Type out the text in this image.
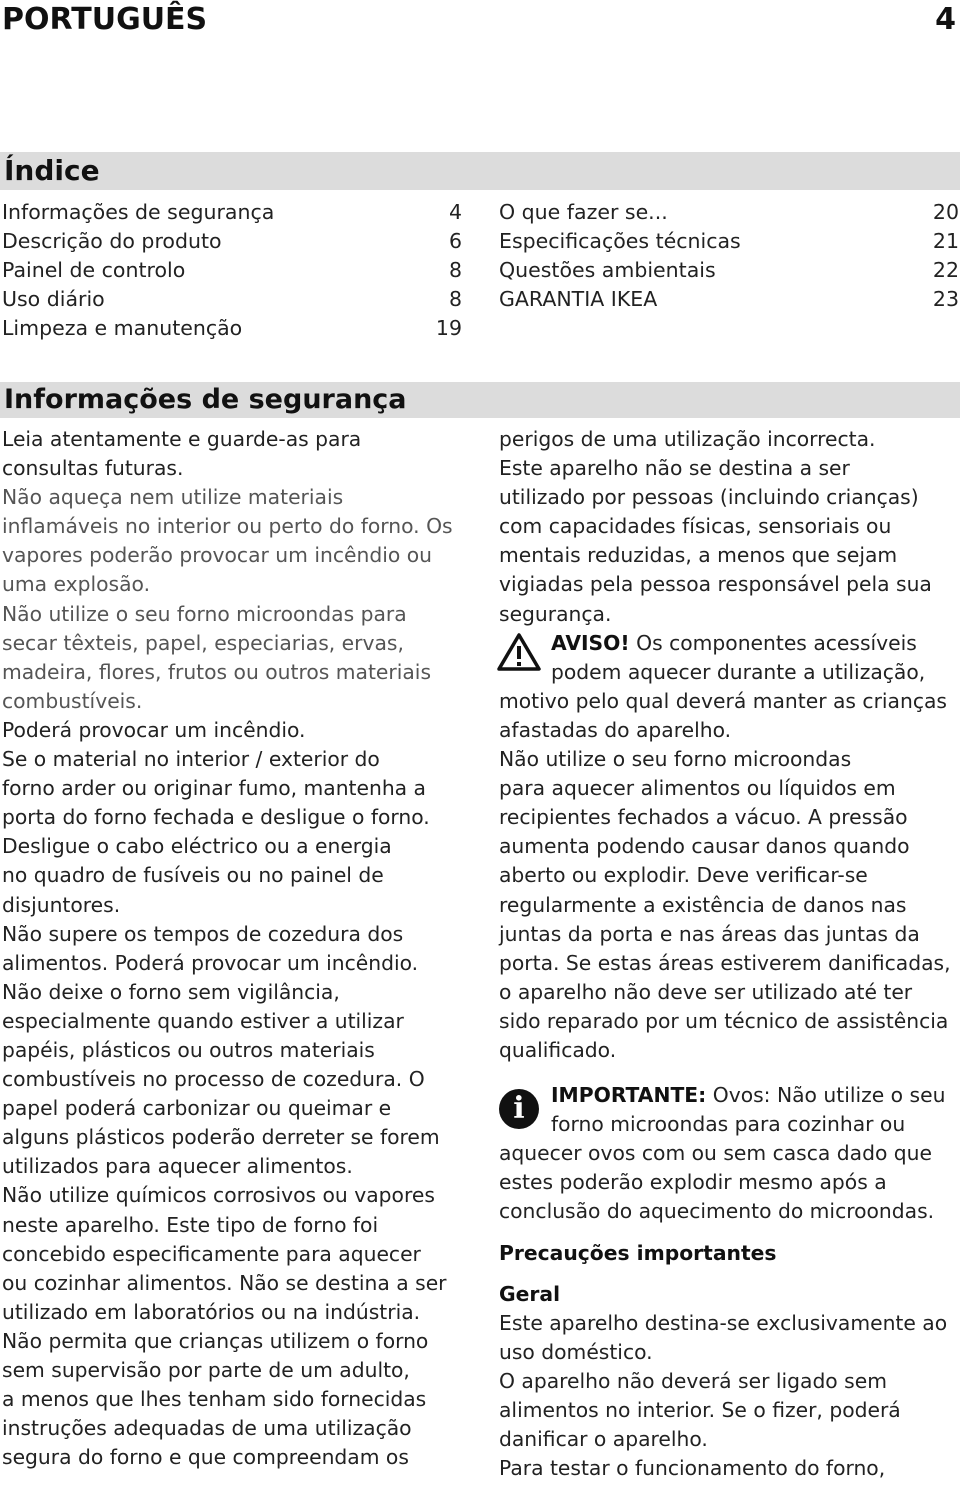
PORTUGUÊS	4
Índice
Informações de segurança	4
Descrição do produto	6
Painel de controlo	8
Uso diário	8
Limpeza e manutenção	19
O que fazer se...	20
Especificações técnicas	21
Questões ambientais	22
GARANTIA IKEA	23
Informações de segurança

Leia atentamente e guarde-as para

consultas futuras.

Não aqueça nem utilize materiais

inflamáveis no interior ou perto do forno. Os

vapores poderão provocar um incêndio ou

uma explosão.

Não utilize o seu forno microondas para

secar têxteis, papel, especiarias, ervas,

madeira, flores, frutos ou outros materiais

combustíveis.

Poderá provocar um incêndio.

Se o material no interior / exterior do

forno arder ou originar fumo, mantenha a

porta do forno fechada e desligue o forno.

Desligue o cabo eléctrico ou a energia

no quadro de fusíveis ou no painel de

disjuntores.

Não supere os tempos de cozedura dos

alimentos. Poderá provocar um incêndio.

Não deixe o forno sem vigilância,

especialmente quando estiver a utilizar

papéis, plásticos ou outros materiais

combustíveis no processo de cozedura. O

papel poderá carbonizar ou queimar e

alguns plásticos poderão derreter se forem

utilizados para aquecer alimentos.

Não utilize químicos corrosivos ou vapores

neste aparelho. Este tipo de forno foi

concebido especificamente para aquecer

ou cozinhar alimentos. Não se destina a ser

utilizado em laboratórios ou na indústria.

Não permita que crianças utilizem o forno

sem supervisão por parte de um adulto,

a menos que lhes tenham sido fornecidas

instruções adequadas de uma utilização

segura do forno e que compreendam os

perigos de uma utilização incorrecta.

Este aparelho não se destina a ser

utilizado por pessoas (incluindo crianças)

com capacidades físicas, sensoriais ou

mentais reduzidas, a menos que sejam

vigiadas pela pessoa responsável pela sua

segurança.

AVISO! Os componentes acessíveis

podem aquecer durante a utilização,

motivo pelo qual deverá manter as crianças

afastadas do aparelho.

Não utilize o seu forno microondas

para aquecer alimentos ou líquidos em

recipientes fechados a vácuo. A pressão

aumenta podendo causar danos quando

aberto ou explodir. Deve verificar-se

regularmente a existência de danos nas

juntas da porta e nas áreas das juntas da

porta. Se estas áreas estiverem danificadas,

o aparelho não deve ser utilizado até ter

sido reparado por um técnico de assistência

qualificado.

i	IMPORTANTE: Ovos: Não utilize o seu

forno microondas para cozinhar ou

aquecer ovos com ou sem casca dado que

estes poderão explodir mesmo após a

conclusão do aquecimento do microondas.

Precauções importantes

Geral

Este aparelho destina-se exclusivamente ao

uso doméstico.

O aparelho não deverá ser ligado sem

alimentos no interior. Se o fizer, poderá

danificar o aparelho.

Para testar o funcionamento do forno,
